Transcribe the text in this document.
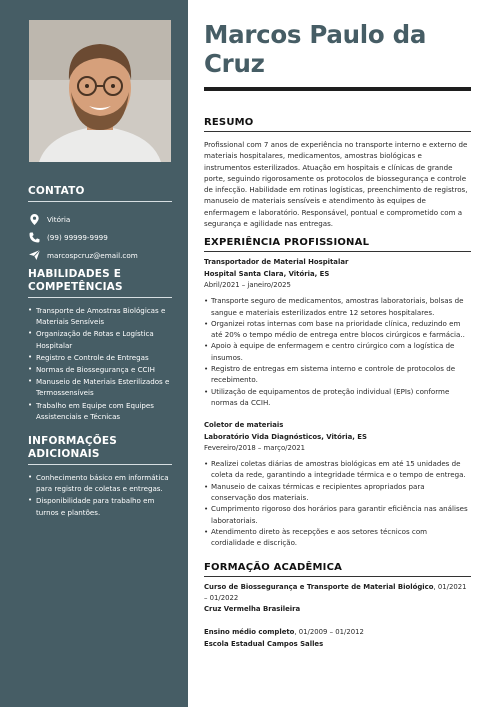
CONTATO
Vitória
(99) 99999-9999
marcospcruz@email.com
HABILIDADES E COMPETÊNCIAS
• Transporte de Amostras Biológicas e Materiais Sensíveis
• Organização de Rotas e Logística Hospitalar
• Registro e Controle de Entregas
• Normas de Biossegurança e CCIH
• Manuseio de Materiais Esterilizados e Termossensíveis
• Trabalho em Equipe com Equipes Assistenciais e Técnicas
INFORMAÇÕES ADICIONAIS
• Conhecimento básico em informática para registro de coletas e entregas.
• Disponibilidade para trabalho em turnos e plantões.
Marcos Paulo da
Cruz
RESUMO
Profissional com 7 anos de experiência no transporte interno e externo de materiais hospitalares, medicamentos, amostras biológicas e instrumentos esterilizados. Atuação em hospitais e clínicas de grande porte, seguindo rigorosamente os protocolos de biossegurança e controle de infecção. Habilidade em rotinas logísticas, preenchimento de registros, manuseio de materiais sensíveis e atendimento às equipes de enfermagem e laboratório. Responsável, pontual e comprometido com a segurança e agilidade nas entregas.
EXPERIÊNCIA PROFISSIONAL
Transportador de Material Hospitalar
Hospital Santa Clara, Vitória, ES
Abril/2021 – janeiro/2025
• Transporte seguro de medicamentos, amostras laboratoriais, bolsas de sangue e materiais esterilizados entre 12 setores hospitalares.
• Organizei rotas internas com base na prioridade clínica, reduzindo em até 20% o tempo médio de entrega entre blocos cirúrgicos e farmácia..
• Apoio à equipe de enfermagem e centro cirúrgico com a logística de insumos.
• Registro de entregas em sistema interno e controle de protocolos de recebimento.
• Utilização de equipamentos de proteção individual (EPIs) conforme normas da CCIH.
Coletor de materiais
Laboratório Vida Diagnósticos, Vitória, ES
Fevereiro/2018 – março/2021
• Realizei coletas diárias de amostras biológicas em até 15 unidades de coleta da rede, garantindo a integridade térmica e o tempo de entrega.
• Manuseio de caixas térmicas e recipientes apropriados para conservação dos materiais.
• Cumprimento rigoroso dos horários para garantir eficiência nas análises laboratoriais.
• Atendimento direto às recepções e aos setores técnicos com cordialidade e discrição.
FORMAÇÃO ACADÊMICA
Curso de Biossegurança e Transporte de Material Biológico, 01/2021 – 01/2022
Cruz Vermelha Brasileira
Ensino médio completo, 01/2009 – 01/2012
Escola Estadual Campos Salles
